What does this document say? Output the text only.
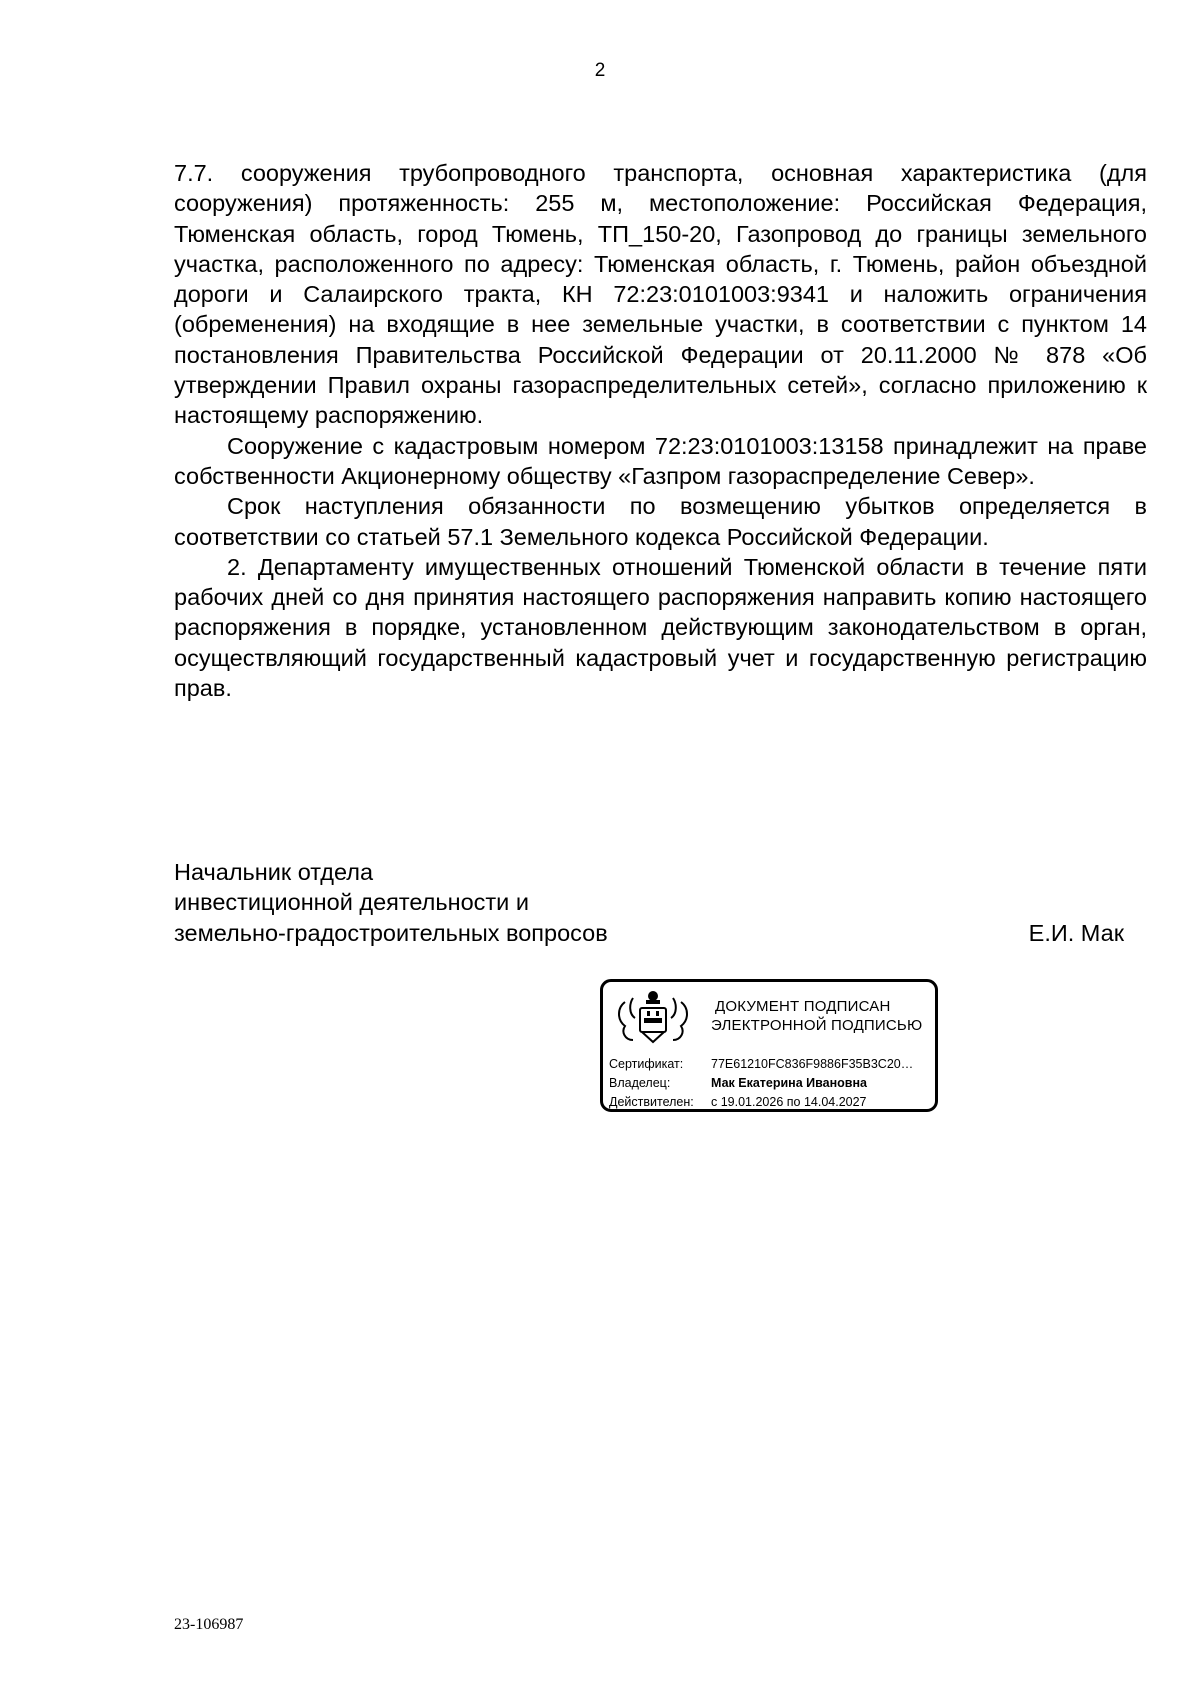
2

7.7. сооружения трубопроводного транспорта, основная характеристика (для сооружения) протяженность: 255 м, местоположение: Российская Федерация, Тюменская область, город Тюмень, ТП_150-20, Газопровод до границы земельного участка, расположенного по адресу: Тюменская область, г. Тюмень, район объездной дороги и Салаирского тракта, КН 72:23:0101003:9341 и наложить ограничения (обременения) на входящие в нее земельные участки, в соответствии с пунктом 14 постановления Правительства Российской Федерации от 20.11.2000 № 878 «Об утверждении Правил охраны газораспределительных сетей», согласно приложению к настоящему распоряжению.

Сооружение с кадастровым номером 72:23:0101003:13158 принадлежит на праве собственности Акционерному обществу «Газпром газораспределение Север».

Срок наступления обязанности по возмещению убытков определяется в соответствии со статьей 57.1 Земельного кодекса Российской Федерации.

2. Департаменту имущественных отношений Тюменской области в течение пяти рабочих дней со дня принятия настоящего распоряжения направить копию настоящего распоряжения в порядке, установленном действующим законодательством в орган, осуществляющий государственный кадастровый учет и государственную регистрацию прав.

Начальник отдела
инвестиционной деятельности и
земельно-градостроительных вопросов	Е.И. Мак
ДОКУМЕНТ ПОДПИСАН
ЭЛЕКТРОННОЙ ПОДПИСЬЮ
Сертификат: 77E61210FC836F9886F35B3C20…
Владелец:	Мак Екатерина Ивановна
Действителен: с 19.01.2026 по 14.04.2027
23-106987
